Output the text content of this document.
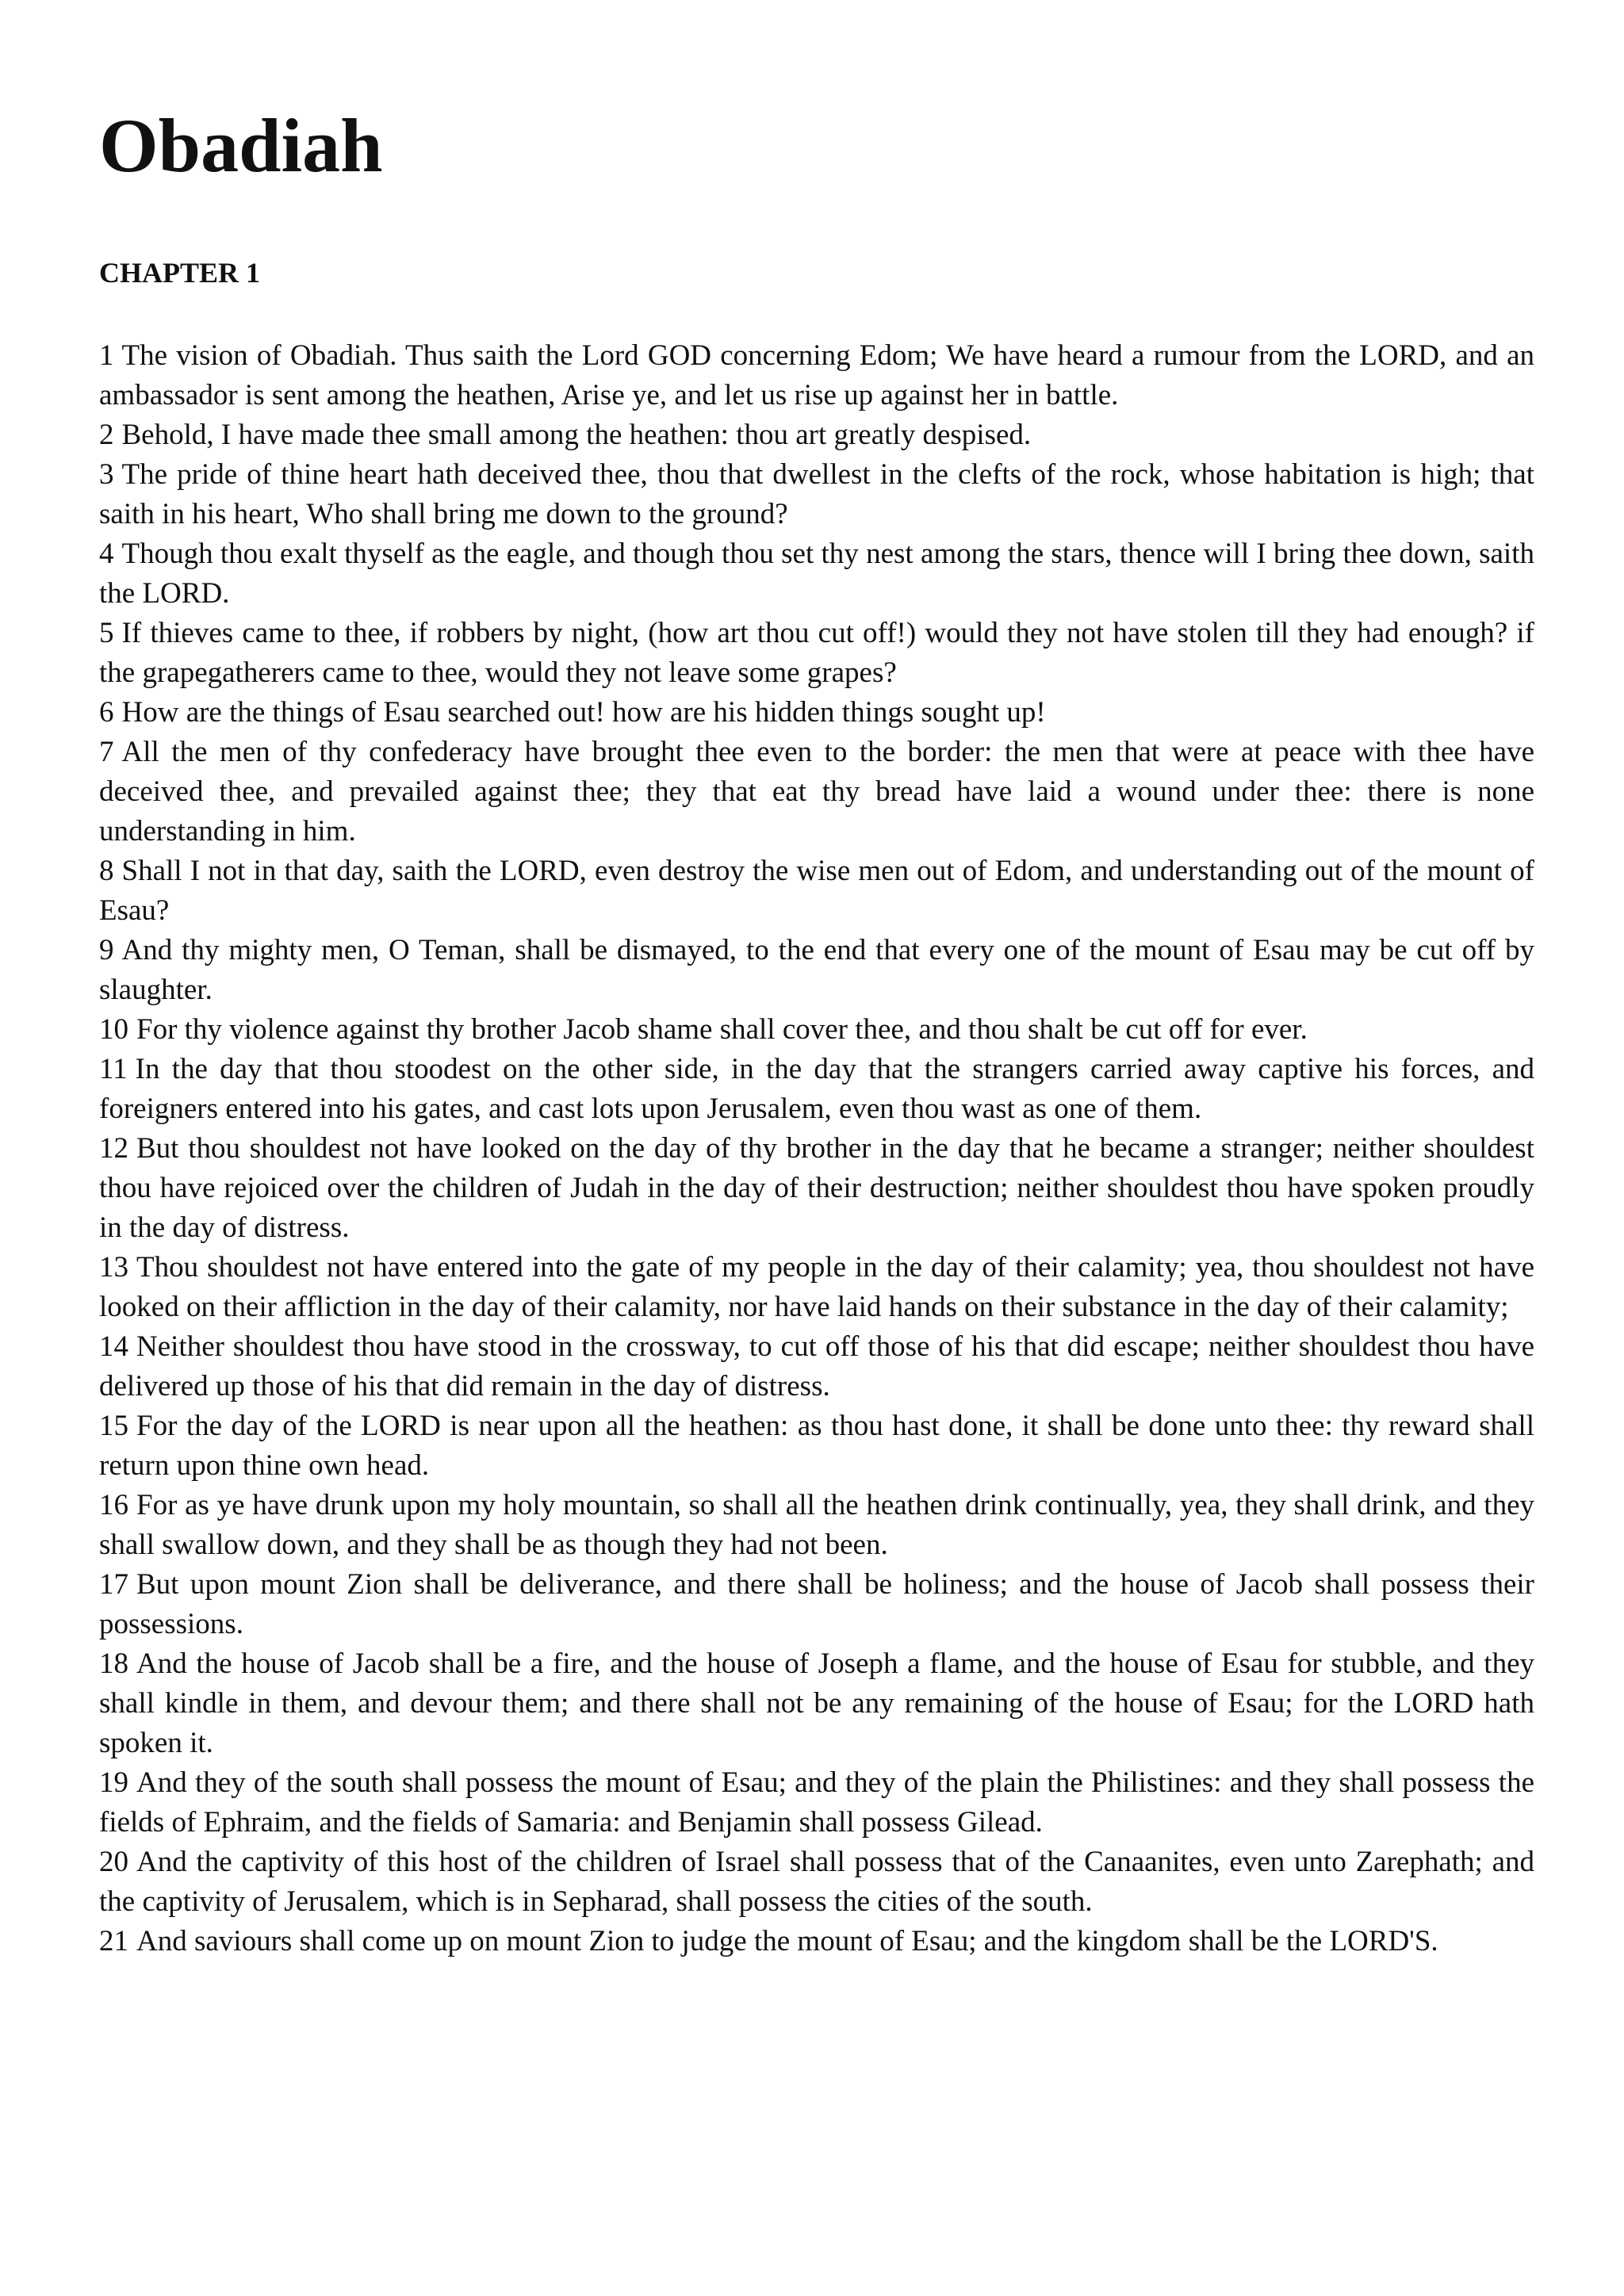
Obadiah
CHAPTER 1

1 The vision of Obadiah. Thus saith the Lord GOD concerning Edom; We have heard a rumour from the LORD, and an ambassador is sent among the heathen, Arise ye, and let us rise up against her in battle.

2 Behold, I have made thee small among the heathen: thou art greatly despised.

3 The pride of thine heart hath deceived thee, thou that dwellest in the clefts of the rock, whose habitation is high; that saith in his heart, Who shall bring me down to the ground?

4 Though thou exalt thyself as the eagle, and though thou set thy nest among the stars, thence will I bring thee down, saith the LORD.

5 If thieves came to thee, if robbers by night, (how art thou cut off!) would they not have stolen till they had enough? if the grapegatherers came to thee, would they not leave some grapes?

6 How are the things of Esau searched out! how are his hidden things sought up!

7 All the men of thy confederacy have brought thee even to the border: the men that were at peace with thee have deceived thee, and prevailed against thee; they that eat thy bread have laid a wound under thee: there is none understanding in him.

8 Shall I not in that day, saith the LORD, even destroy the wise men out of Edom, and understanding out of the mount of Esau?

9 And thy mighty men, O Teman, shall be dismayed, to the end that every one of the mount of Esau may be cut off by slaughter.

10 For thy violence against thy brother Jacob shame shall cover thee, and thou shalt be cut off for ever.

11 In the day that thou stoodest on the other side, in the day that the strangers carried away captive his forces, and foreigners entered into his gates, and cast lots upon Jerusalem, even thou wast as one of them.

12 But thou shouldest not have looked on the day of thy brother in the day that he became a stranger; neither shouldest thou have rejoiced over the children of Judah in the day of their destruction; neither shouldest thou have spoken proudly in the day of distress.

13 Thou shouldest not have entered into the gate of my people in the day of their calamity; yea, thou shouldest not have looked on their affliction in the day of their calamity, nor have laid hands on their substance in the day of their calamity;

14 Neither shouldest thou have stood in the crossway, to cut off those of his that did escape; neither shouldest thou have delivered up those of his that did remain in the day of distress.

15 For the day of the LORD is near upon all the heathen: as thou hast done, it shall be done unto thee: thy reward shall return upon thine own head.

16 For as ye have drunk upon my holy mountain, so shall all the heathen drink continually, yea, they shall drink, and they shall swallow down, and they shall be as though they had not been.

17 But upon mount Zion shall be deliverance, and there shall be holiness; and the house of Jacob shall possess their possessions.

18 And the house of Jacob shall be a fire, and the house of Joseph a flame, and the house of Esau for stubble, and they shall kindle in them, and devour them; and there shall not be any remaining of the house of Esau; for the LORD hath spoken it.

19 And they of the south shall possess the mount of Esau; and they of the plain the Philistines: and they shall possess the fields of Ephraim, and the fields of Samaria: and Benjamin shall possess Gilead.

20 And the captivity of this host of the children of Israel shall possess that of the Canaanites, even unto Zarephath; and the captivity of Jerusalem, which is in Sepharad, shall possess the cities of the south.

21 And saviours shall come up on mount Zion to judge the mount of Esau; and the kingdom shall be the LORD'S.
